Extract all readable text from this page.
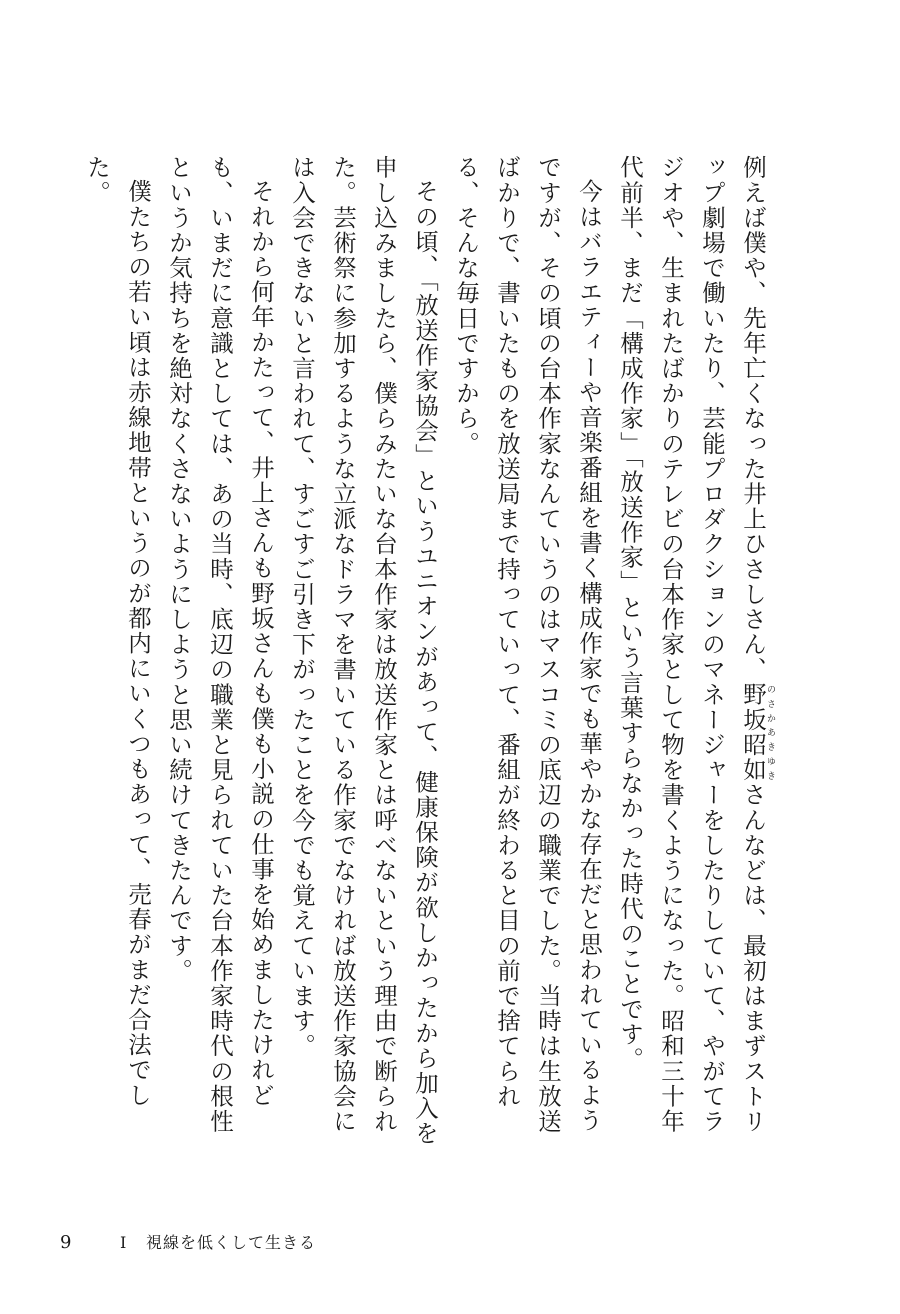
例えば僕や、先年亡くなった井上ひさしさん、野坂昭如のさかあきゆきさんなどは、最初はまずストリップ劇場で働いたり、芸能プロダクションのマネージャーをしたりしていて、やがてラジオや、生まれたばかりのテレビの台本作家として物を書くようになった。昭和三十年代前半、まだ「構成作家」「放送作家」という言葉すらなかった時代のことです。

今はバラエティーや音楽番組を書く構成作家でも華やかな存在だと思われているようですが、その頃の台本作家なんていうのはマスコミの底辺の職業でした。当時は生放送ばかりで、書いたものを放送局まで持っていって、番組が終わると目の前で捨てられる、そんな毎日ですから。

その頃、「放送作家協会」というユニオンがあって、健康保険が欲しかったから加入を申し込みましたら、僕らみたいな台本作家は放送作家とは呼べないという理由で断られた。芸術祭に参加するような立派なドラマを書いている作家でなければ放送作家協会には入会できないと言われて、すごすご引き下がったことを今でも覚えています。

それから何年かたって、井上さんも野坂さんも僕も小説の仕事を始めましたけれども、いまだに意識としては、あの当時、底辺の職業と見られていた台本作家時代の根性というか気持ちを絶対なくさないようにしようと思い続けてきたんです。

僕たちの若い頃は赤線地帯というのが都内にいくつもあって、売春がまだ合法でした。

9	I 視線を低くして生きる
